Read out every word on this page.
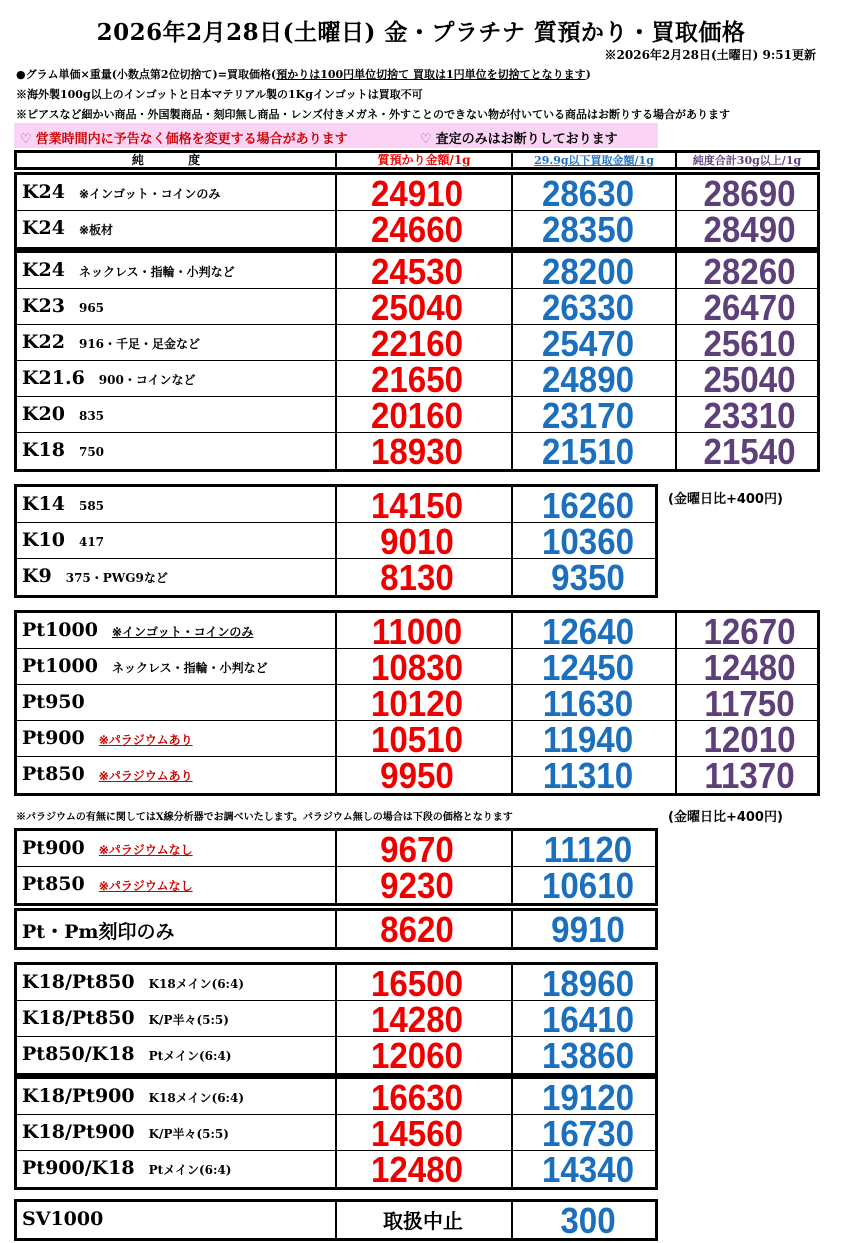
2026年2月28日(土曜日) 金・プラチナ 質預かり・買取価格
※2026年2月28日(土曜日) 9:51更新
●グラム単価×重量(小数点第2位切捨て)=買取価格(預かりは100円単位切捨て 買取は1円単位を切捨てとなります)
※海外製100g以上のインゴットと日本マテリアル製の1Kgインゴットは買取不可
※ピアスなど細かい商品・外国製商品・刻印無し商品・レンズ付きメガネ・外すことのできない物が付いている商品はお断りする場合があります
♡ 営業時間内に予告なく価格を変更する場合があります	♡ 査定のみはお断りしております
純 度	質預かり金額/1g	29.9g以下買取金額/1g	純度合計30g以上/1g
K24 ※インゴット・コインのみ	24910	28630	28690
K24 ※板材	24660	28350	28490
K24 ネックレス・指輪・小判など	24530	28200	28260
K23 965	25040	26330	26470
K22 916・千足・足金など	22160	25470	25610
K21.6 900・コインなど	21650	24890	25040
K20 835	20160	23170	23310
K18 750	18930	21510	21540
K14 585	14150	16260
K10 417	9010	10360
K9 375・PWG9など	8130	9350
Pt1000 ※インゴット・コインのみ	11000	12640	12670
Pt1000 ネックレス・指輪・小判など	10830	12450	12480
Pt950	10120	11630	11750
Pt900 ※パラジウムあり	10510	11940	12010
Pt850 ※パラジウムあり	9950	11310	11370
Pt900 ※パラジウムなし	9670	11120
Pt850 ※パラジウムなし	9230	10610
Pt・Pm刻印のみ	8620	9910
K18/Pt850 K18メイン(6:4)	16500	18960
K18/Pt850 K/P半々(5:5)	14280	16410
Pt850/K18 Ptメイン(6:4)	12060	13860
K18/Pt900 K18メイン(6:4)	16630	19120
K18/Pt900 K/P半々(5:5)	14560	16730
Pt900/K18 Ptメイン(6:4)	12480	14340
SV1000	取扱中止	300
(金曜日比+400円)
※パラジウムの有無に関してはX線分析器でお調べいたします。パラジウム無しの場合は下段の価格となります	(金曜日比+400円)
